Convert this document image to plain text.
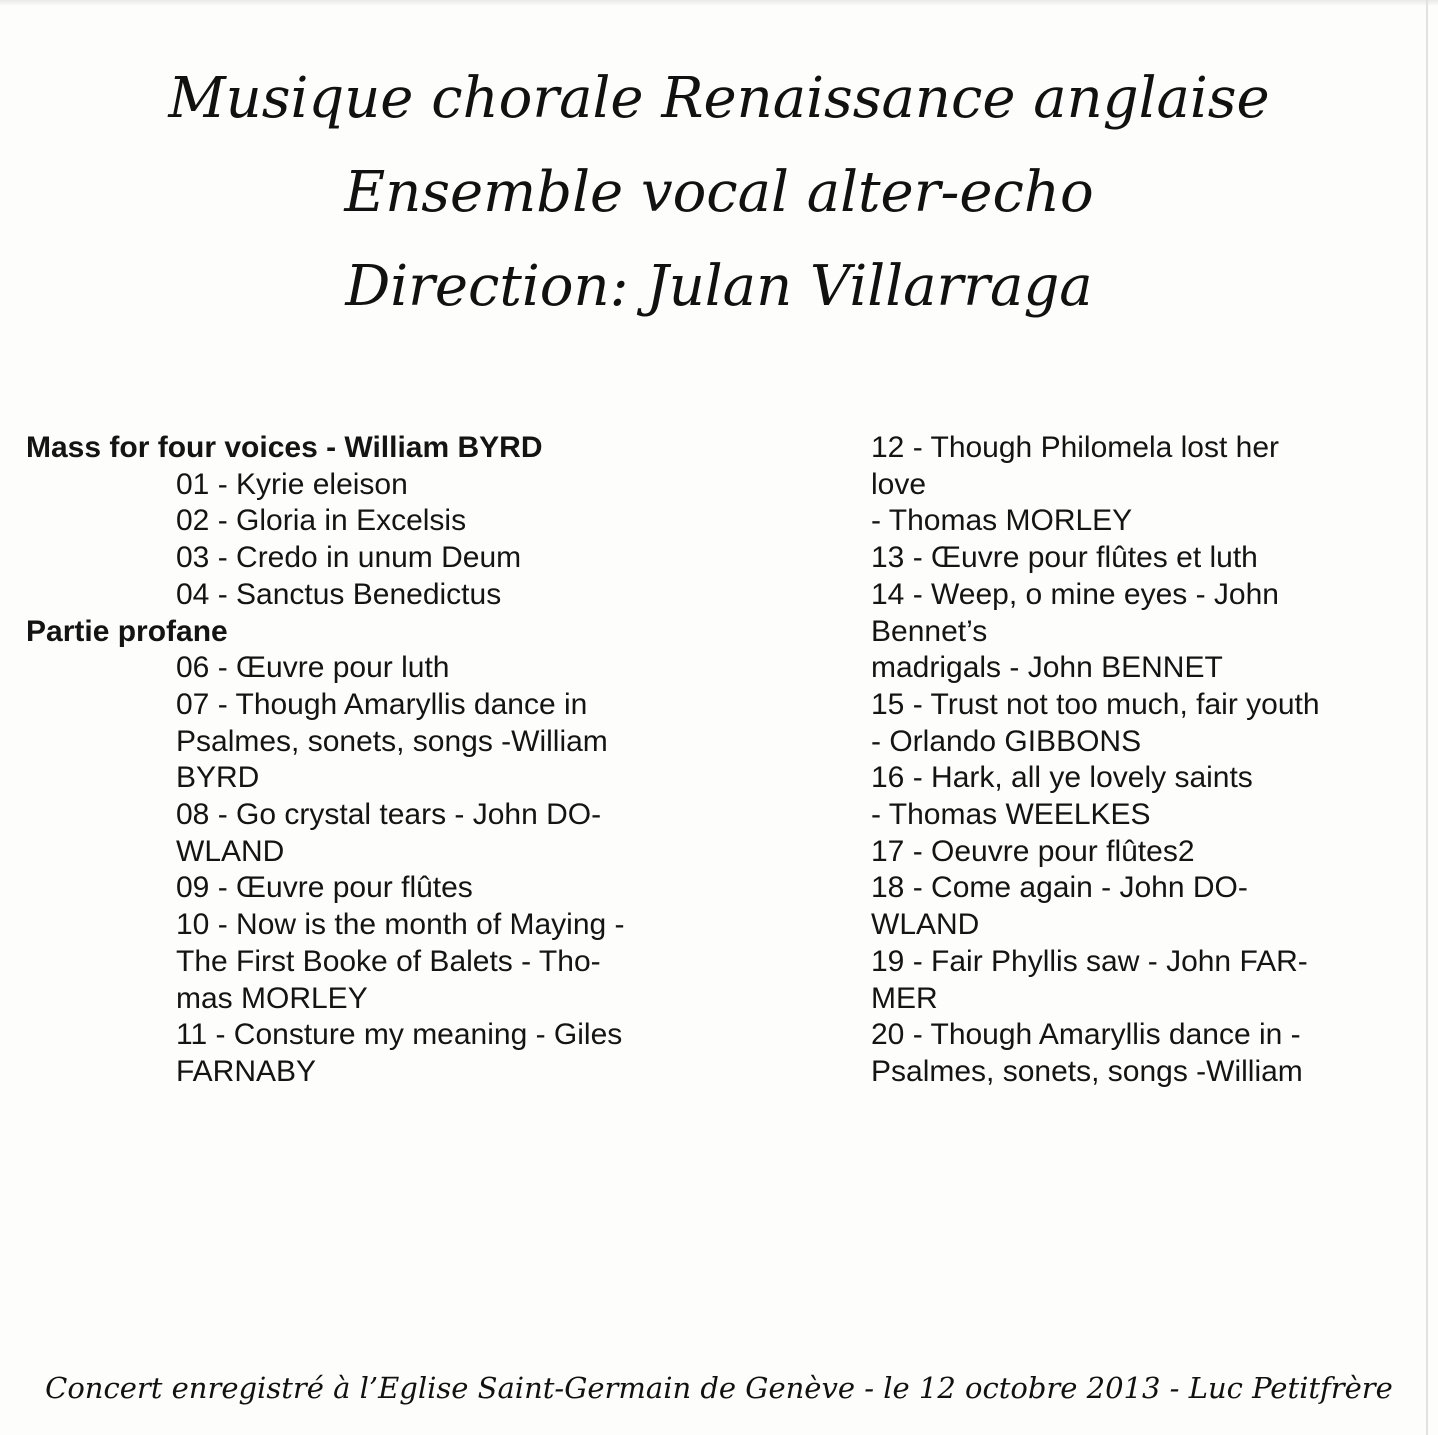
Musique chorale Renaissance anglaise
Ensemble vocal alter-echo
Direction: Julan Villarraga
Mass for four voices - William BYRD
01 - Kyrie eleison
02 - Gloria in Excelsis
03 - Credo in unum Deum
04 - Sanctus Benedictus
Partie profane
06 - Œuvre pour luth
07 - Though Amaryllis dance in
Psalmes, sonets, songs -William
BYRD
08 - Go crystal tears - John DO-
WLAND
09 - Œuvre pour flûtes
10 - Now is the month of Maying -
The First Booke of Balets - Tho-
mas MORLEY
11 - Consture my meaning - Giles
FARNABY
12 - Though Philomela lost her
love
- Thomas MORLEY
13 - Œuvre pour flûtes et luth
14 - Weep, o mine eyes - John
Bennet’s
madrigals - John BENNET
15 - Trust not too much, fair youth
- Orlando GIBBONS
16 - Hark, all ye lovely saints
- Thomas WEELKES
17 - Oeuvre pour flûtes2
18 - Come again - John DO-
WLAND
19 - Fair Phyllis saw - John FAR-
MER
20 - Though Amaryllis dance in -
Psalmes, sonets, songs -William
Concert enregistré à l’Eglise Saint-Germain de Genève - le 12 octobre 2013 - Luc Petitfrère
